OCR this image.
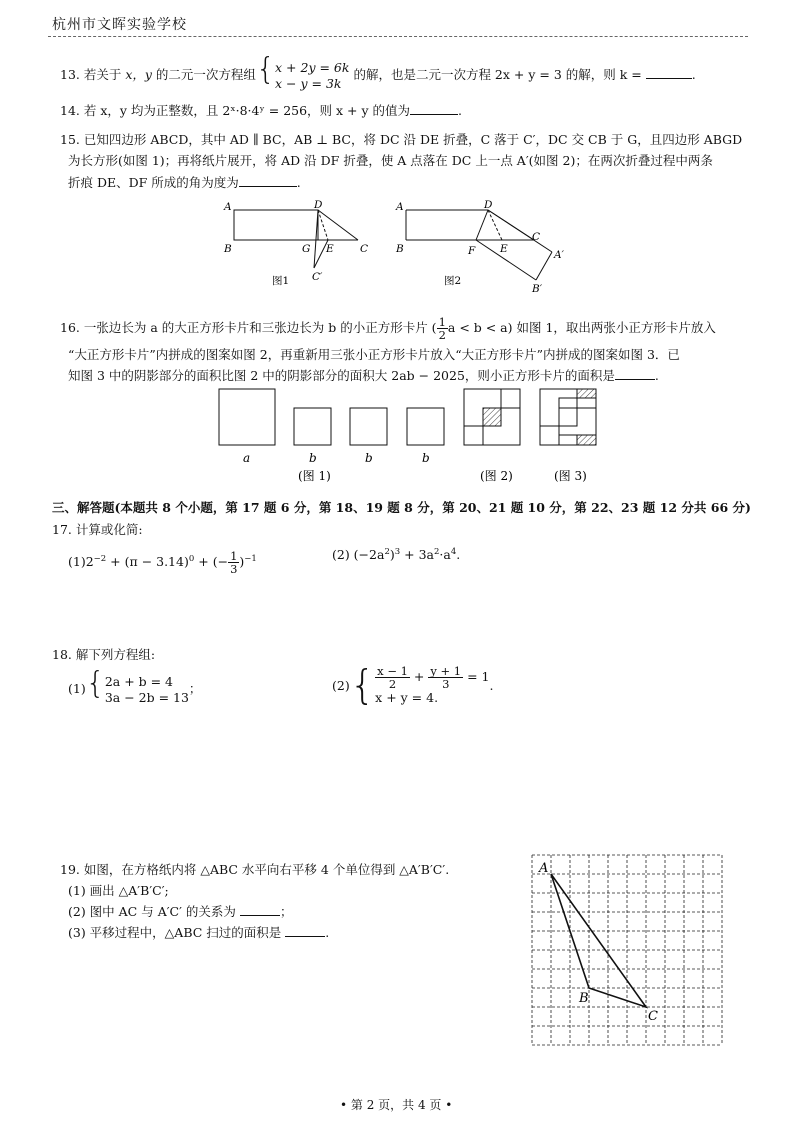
杭州市文晖实验学校
13. 若关于 x，y 的二元一次方程组{x + 2y = 6k
x − y = 3k 的解，也是二元一次方程 2x + y = 3 的解，则 k =	.
14. 若 x，y 均为正整数，且 2ˣ·8·4ʸ = 256，则 x + y 的值为	.
15. 已知四边形 ABCD，其中 AD ∥ BC，AB ⊥ BC，将 DC 沿 DE 折叠，C 落于 C′，DC 交 CB 于 G，且四边形 ABGD
为长方形(如图 1)；再将纸片展开，将 AD 沿 DF 折叠，使 A 点落在 DC 上一点 A′(如图 2)；在两次折叠过程中两条
折痕 DE、DF 所成的角为度为	.
A
B
D
G E	C
C′
图1
A
B
D
F E
C
A′
B′
图2
16. 一张边长为 a 的大正方形卡片和三张边长为 b 的小正方形卡片 ( $\frac{1}{2}$ a < b < a) 如图 1，取出两张小正方形卡片放入
“大正方形卡片”内拼成的图案如图 2，再重新用三张小正方形卡片放入“大正方形卡片”内拼成的图案如图 3．已
知图 3 中的阴影部分的面积比图 2 中的阴影部分的面积大 2ab − 2025，则小正方形卡片的面积是	.
a	b	b	b
(图 1)	(图 2)	(图 3)
三、解答题(本题共 8 个小题，第 17 题 6 分，第 18、19 题 8 分，第 20、21 题 10 分，第 22、23 题 12 分共 66 分)
17. 计算或化简:
$(1)2^{-2} + (\pi - 3.14)^0$ + (− $\frac{1}{3} )^{-1}$	(2) $(-2a^2)^3 + 3a^2\cdot a^4$.
18. 解下列方程组:
(1){2a + b = 4
3a − 2b = 13；	$(2)\{ \frac{x - 1}{2} + \frac{y + 1}{3} = 1$
x + y = 4..
19. 如图，在方格纸内将 △ABC 水平向右平移 4 个单位得到 △A′B′C′.
(1) 画出 △A′B′C′;
(2) 图中 AC 与 A′C′ 的关系为	；
(3) 平移过程中，△ABC 扫过的面积是	.
A
B
C
• 第 2 页，共 4 页 •
